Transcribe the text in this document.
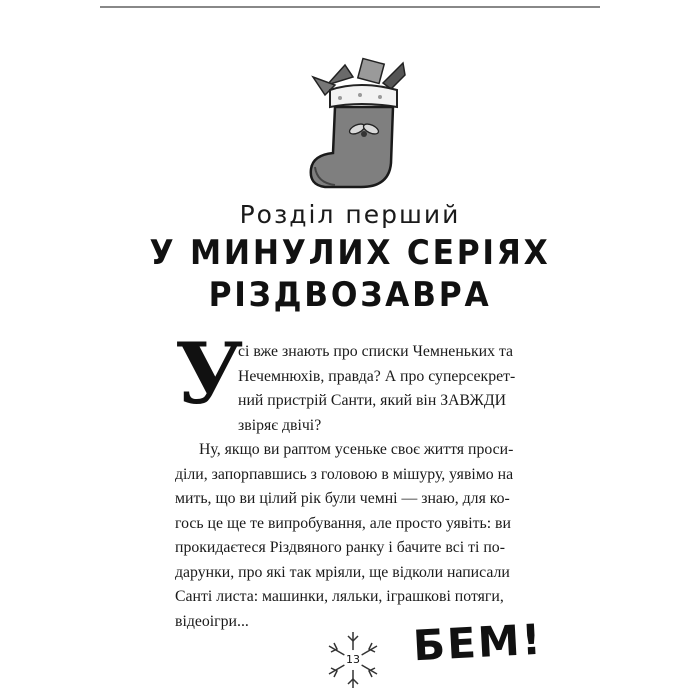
Розділ перший
У МИНУЛИХ СЕРІЯХ
РІЗДВОЗАВРА
У
сі вже знають про списки Чемненьких та
Нечемнюхів, правда? А про суперсекрет-
ний пристрій Санти, який він ЗАВЖДИ
звіряє двічі?
Ну, якщо ви раптом усеньке своє життя проси-
діли, запорпавшись з головою в мішуру, уявімо на
мить, що ви цілий рік були чемні — знаю, для ко-
гось це ще те випробування, але просто уявіть: ви
прокидаєтеся Різдвяного ранку і бачите всі ті по-
дарунки, про які так мріяли, ще відколи написали
Санті листа: машинки, ляльки, іграшкові потяги,
відеоігри...	БЕМ!
13
